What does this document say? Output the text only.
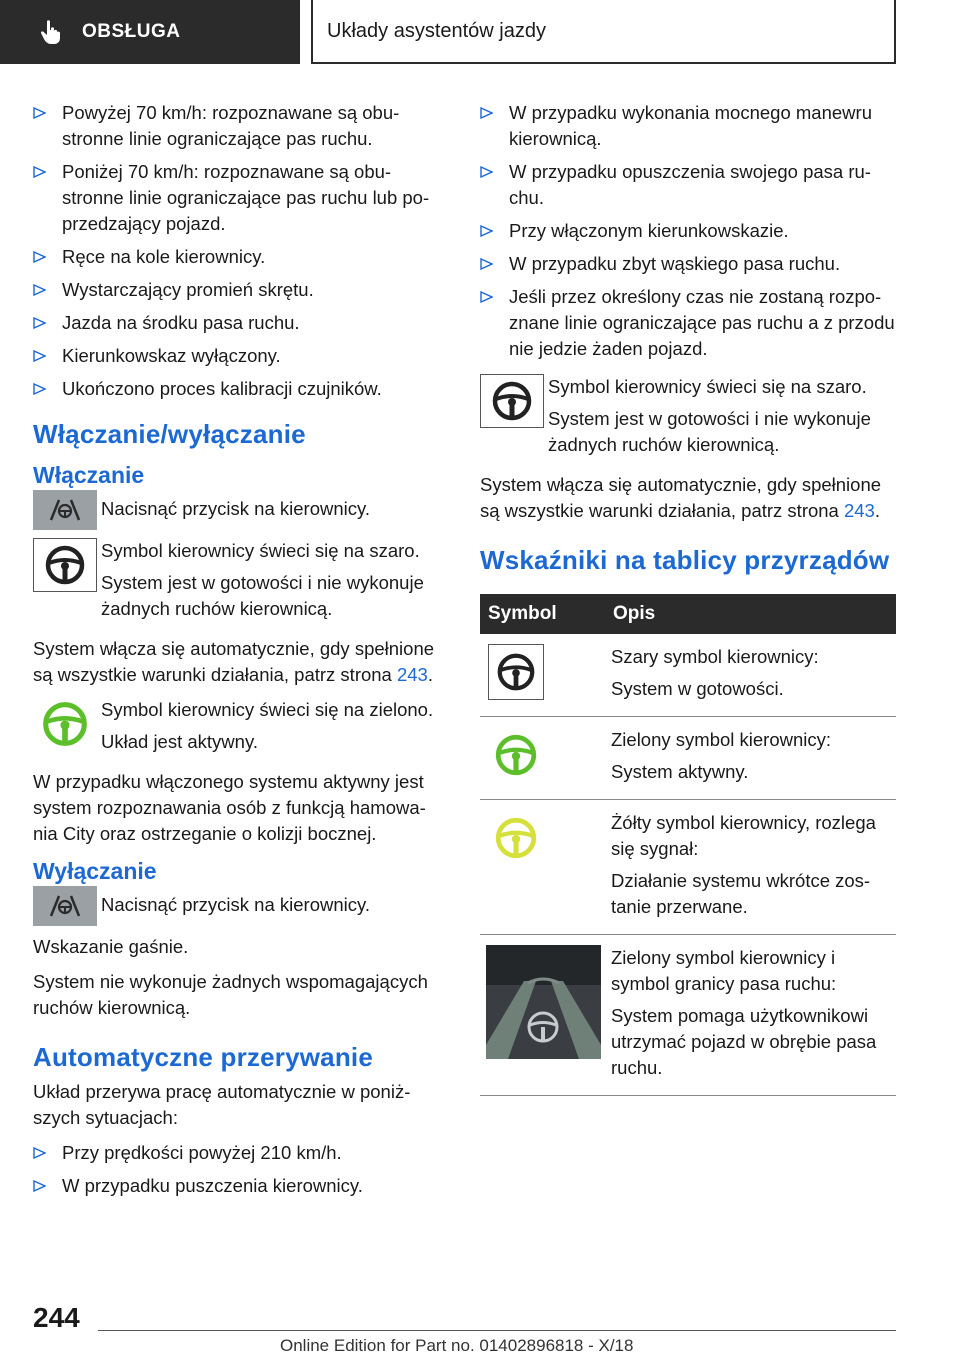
OBSŁUGA	Układy asystentów jazdy
Powyżej 70 km/h: rozpoznawane są obu-stronne linie ograniczające pas ruchu.
Poniżej 70 km/h: rozpoznawane są obu-stronne linie ograniczające pas ruchu lub po-przedzający pojazd.
Ręce na kole kierownicy.
Wystarczający promień skrętu.
Jazda na środku pasa ruchu.
Kierunkowskaz wyłączony.
Ukończono proces kalibracji czujników.
Włączanie/wyłączanie
Włączanie

Nacisnąć przycisk na kierownicy.

Symbol kierownicy świeci się na szaro.

System jest w gotowości i nie wykonuje żadnych ruchów kierownicą.

System włącza się automatycznie, gdy spełnione są wszystkie warunki działania, patrz strona 243.

Symbol kierownicy świeci się na zielono.

Układ jest aktywny.

W przypadku włączonego systemu aktywny jest system rozpoznawania osób z funkcją hamowa-nia City oraz ostrzeganie o kolizji bocznej.

Wyłączanie

Nacisnąć przycisk na kierownicy.

Wskazanie gaśnie.

System nie wykonuje żadnych wspomagających ruchów kierownicą.

Automatyczne przerywanie

Układ przerywa pracę automatycznie w poniż-szych sytuacjach:

Przy prędkości powyżej 210 km/h.
W przypadku puszczenia kierownicy.
W przypadku wykonania mocnego manewru kierownicą.
W przypadku opuszczenia swojego pasa ru-chu.
Przy włączonym kierunkowskazie.
W przypadku zbyt wąskiego pasa ruchu.
Jeśli przez określony czas nie zostaną rozpo-znane linie ograniczające pas ruchu a z przodu nie jedzie żaden pojazd.

Symbol kierownicy świeci się na szaro.

System jest w gotowości i nie wykonuje żadnych ruchów kierownicą.

System włącza się automatycznie, gdy spełnione są wszystkie warunki działania, patrz strona 243.

Wskaźniki na tablicy przyrządów
Symbol	Opis

Szary symbol kierownicy:

System w gotowości.

Zielony symbol kierownicy:

System aktywny.

Żółty symbol kierownicy, rozlega się sygnał:

Działanie systemu wkrótce zos-tanie przerwane.

Zielony symbol kierownicy i symbol granicy pasa ruchu:

System pomaga użytkownikowi utrzymać pojazd w obrębie pasa ruchu.

244
Online Edition for Part no. 01402896818 - X/18
